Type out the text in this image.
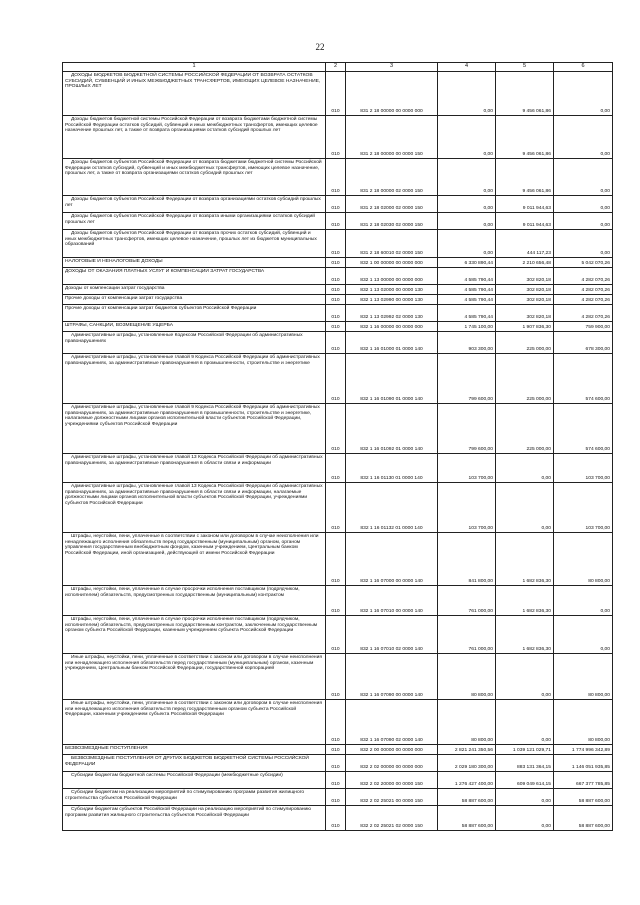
22
1	2	3	4	5	6
ДОХОДЫ БЮДЖЕТОВ БЮДЖЕТНОЙ СИСТЕМЫ РОССИЙСКОЙ ФЕДЕРАЦИИ ОТ ВОЗВРАТА ОСТАТКОВ СУБСИДИЙ, СУБВЕНЦИЙ И ИНЫХ МЕЖБЮДЖЕТНЫХ ТРАНСФЕРТОВ, ИМЕЮЩИХ ЦЕЛЕВОЕ НАЗНАЧЕНИЕ, ПРОШЛЫХ ЛЕТ	010	831 2 18 00000 00 0000 000	0,00	9 456 061,86	0,00
Доходы бюджетов бюджетной системы Российской Федерации от возврата бюджетами бюджетной системы Российской Федерации остатков субсидий, субвенций и иных межбюджетных трансфертов, имеющих целевое назначение прошлых лет, а также от возврата организациями остатков субсидий прошлых лет	010	831 2 18 00000 00 0000 150	0,00	9 456 061,86	0,00
Доходы бюджетов субъектов Российской Федерации от возврата бюджетами бюджетной системы Российской Федерации остатков субсидий, субвенций и иных межбюджетных трансфертов, имеющих целевое назначение, прошлых лет, а также от возврата организациями остатков субсидий прошлых лет	010	831 2 18 00000 02 0000 150	0,00	9 456 061,86	0,00
Доходы бюджетов субъектов Российской Федерации от возврата организациями остатков субсидий прошлых лет	010	831 2 18 02000 02 0000 150	0,00	9 011 944,63	0,00
Доходы бюджетов субъектов Российской Федерации от возврата иными организациями остатков субсидий прошлых лет	010	831 2 18 02030 02 0000 150	0,00	9 011 944,63	0,00
Доходы бюджетов субъектов Российской Федерации от возврата прочих остатков субсидий, субвенций и иных межбюджетных трансфертов, имеющих целевое назначение, прошлых лет из бюджетов муниципальных образований	010	831 2 18 60010 02 0000 150	0,00	444 117,23	0,00
НАЛОГОВЫЕ И НЕНАЛОГОВЫЕ ДОХОДЫ	010	832 1 00 00000 00 0000 000	6 330 890,44	2 210 656,48	5 042 070,26
ДОХОДЫ ОТ ОКАЗАНИЯ ПЛАТНЫХ УСЛУГ И КОМПЕНСАЦИИ ЗАТРАТ ГОСУДАРСТВА	010	832 1 13 00000 00 0000 000	4 585 790,44	302 820,18	4 282 070,26
Доходы от компенсации затрат государства	010	832 1 13 02000 00 0000 130	4 585 790,44	302 820,18	4 282 070,26
Прочие доходы от компенсации затрат государства	010	832 1 13 02990 00 0000 130	4 585 790,44	302 820,18	4 282 070,26
Прочие доходы от компенсации затрат бюджетов субъектов Российской Федерации	010	832 1 13 02992 02 0000 130	4 585 790,44	302 820,18	4 282 070,26
ШТРАФЫ, САНКЦИИ, ВОЗМЕЩЕНИЕ УЩЕРБА	010	832 1 16 00000 00 0000 000	1 745 100,00	1 907 836,30	759 900,00
Административные штрафы, установленные Кодексом Российской Федерации об административных правонарушениях	010	832 1 16 01000 01 0000 140	903 300,00	225 000,00	678 300,00
Административные штрафы, установленные главой 9 Кодекса Российской Федерации об административных правонарушениях, за административные правонарушения в промышленности, строительстве и энергетике	010	832 1 16 01090 01 0000 140	799 600,00	225 000,00	574 600,00
Административные штрафы, установленные главой 9 Кодекса Российской Федерации об административных правонарушениях, за административные правонарушения в промышленности, строительстве и энергетике, налагаемые должностными лицами органов исполнительной власти субъектов Российской Федерации, учреждениями субъектов Российской Федерации	010	832 1 16 01092 01 0000 140	799 600,00	225 000,00	574 600,00
Административные штрафы, установленные главой 13 Кодекса Российской Федерации об административных правонарушениях, за административные правонарушения в области связи и информации	010	832 1 16 01130 01 0000 140	103 700,00	0,00	103 700,00
Административные штрафы, установленные главой 13 Кодекса Российской Федерации об административных правонарушениях, за административные правонарушения в области связи и информации, налагаемые должностными лицами органов исполнительной власти субъектов Российской Федерации, учреждениями субъектов Российской Федерации	010	832 1 16 01132 01 0000 140	103 700,00	0,00	103 700,00
Штрафы, неустойки, пени, уплаченные в соответствии с законом или договором в случае неисполнения или ненадлежащего исполнения обязательств перед государственным (муниципальным) органом, органом управления государственным внебюджетным фондом, казенным учреждением, Центральным банком Российской Федерации, иной организацией, действующей от имени Российской Федерации	010	832 1 16 07000 00 0000 140	841 800,00	1 682 836,30	80 800,00
Штрафы, неустойки, пени, уплаченные в случае просрочки исполнения поставщиком (подрядчиком, исполнителем) обязательств, предусмотренных государственным (муниципальным) контрактом	010	832 1 16 07010 00 0000 140	761 000,00	1 682 836,30	0,00
Штрафы, неустойки, пени, уплаченные в случае просрочки исполнения поставщиком (подрядчиком, исполнителем) обязательств, предусмотренных государственным контрактом, заключенным государственным органом субъекта Российской Федерации, казенным учреждением субъекта Российской Федерации	010	832 1 16 07010 02 0000 140	761 000,00	1 682 836,30	0,00
Иные штрафы, неустойки, пени, уплаченные в соответствии с законом или договором в случае неисполнения или ненадлежащего исполнения обязательств перед государственным (муниципальным) органом, казенным учреждением, Центральным банком Российской Федерации, государственной корпорацией	010	832 1 16 07090 00 0000 140	80 800,00	0,00	80 800,00
Иные штрафы, неустойки, пени, уплаченные в соответствии с законом или договором в случае неисполнения или ненадлежащего исполнения обязательств перед государственным органом субъекта Российской Федерации, казенным учреждением субъекта Российской Федерации	010	832 1 16 07090 02 0000 140	80 800,00	0,00	80 800,00
БЕЗВОЗМЕЗДНЫЕ ПОСТУПЛЕНИЯ	010	832 2 00 00000 00 0000 000	2 821 241 350,56	1 039 121 029,71	1 774 996 342,89
БЕЗВОЗМЕЗДНЫЕ ПОСТУПЛЕНИЯ ОТ ДРУГИХ БЮДЖЕТОВ БЮДЖЕТНОЙ СИСТЕМЫ РОССИЙСКОЙ ФЕДЕРАЦИИ	010	832 2 02 00000 00 0000 000	2 029 180 300,00	883 131 364,15	1 146 051 935,85
Субсидии бюджетам бюджетной системы Российской Федерации (межбюджетные субсидии)	010	832 2 02 20000 00 0000 150	1 276 427 400,00	609 049 614,15	667 377 785,85
Субсидии бюджетам на реализацию мероприятий по стимулированию программ развития жилищного строительства субъектов Российской Федерации	010	832 2 02 25021 00 0000 150	58 887 600,00	0,00	58 887 600,00
Субсидии бюджетам субъектов Российской Федерации на реализацию мероприятий по стимулированию программ развития жилищного строительства субъектов Российской Федерации	010	832 2 02 25021 02 0000 150	58 887 600,00	0,00	58 887 600,00
